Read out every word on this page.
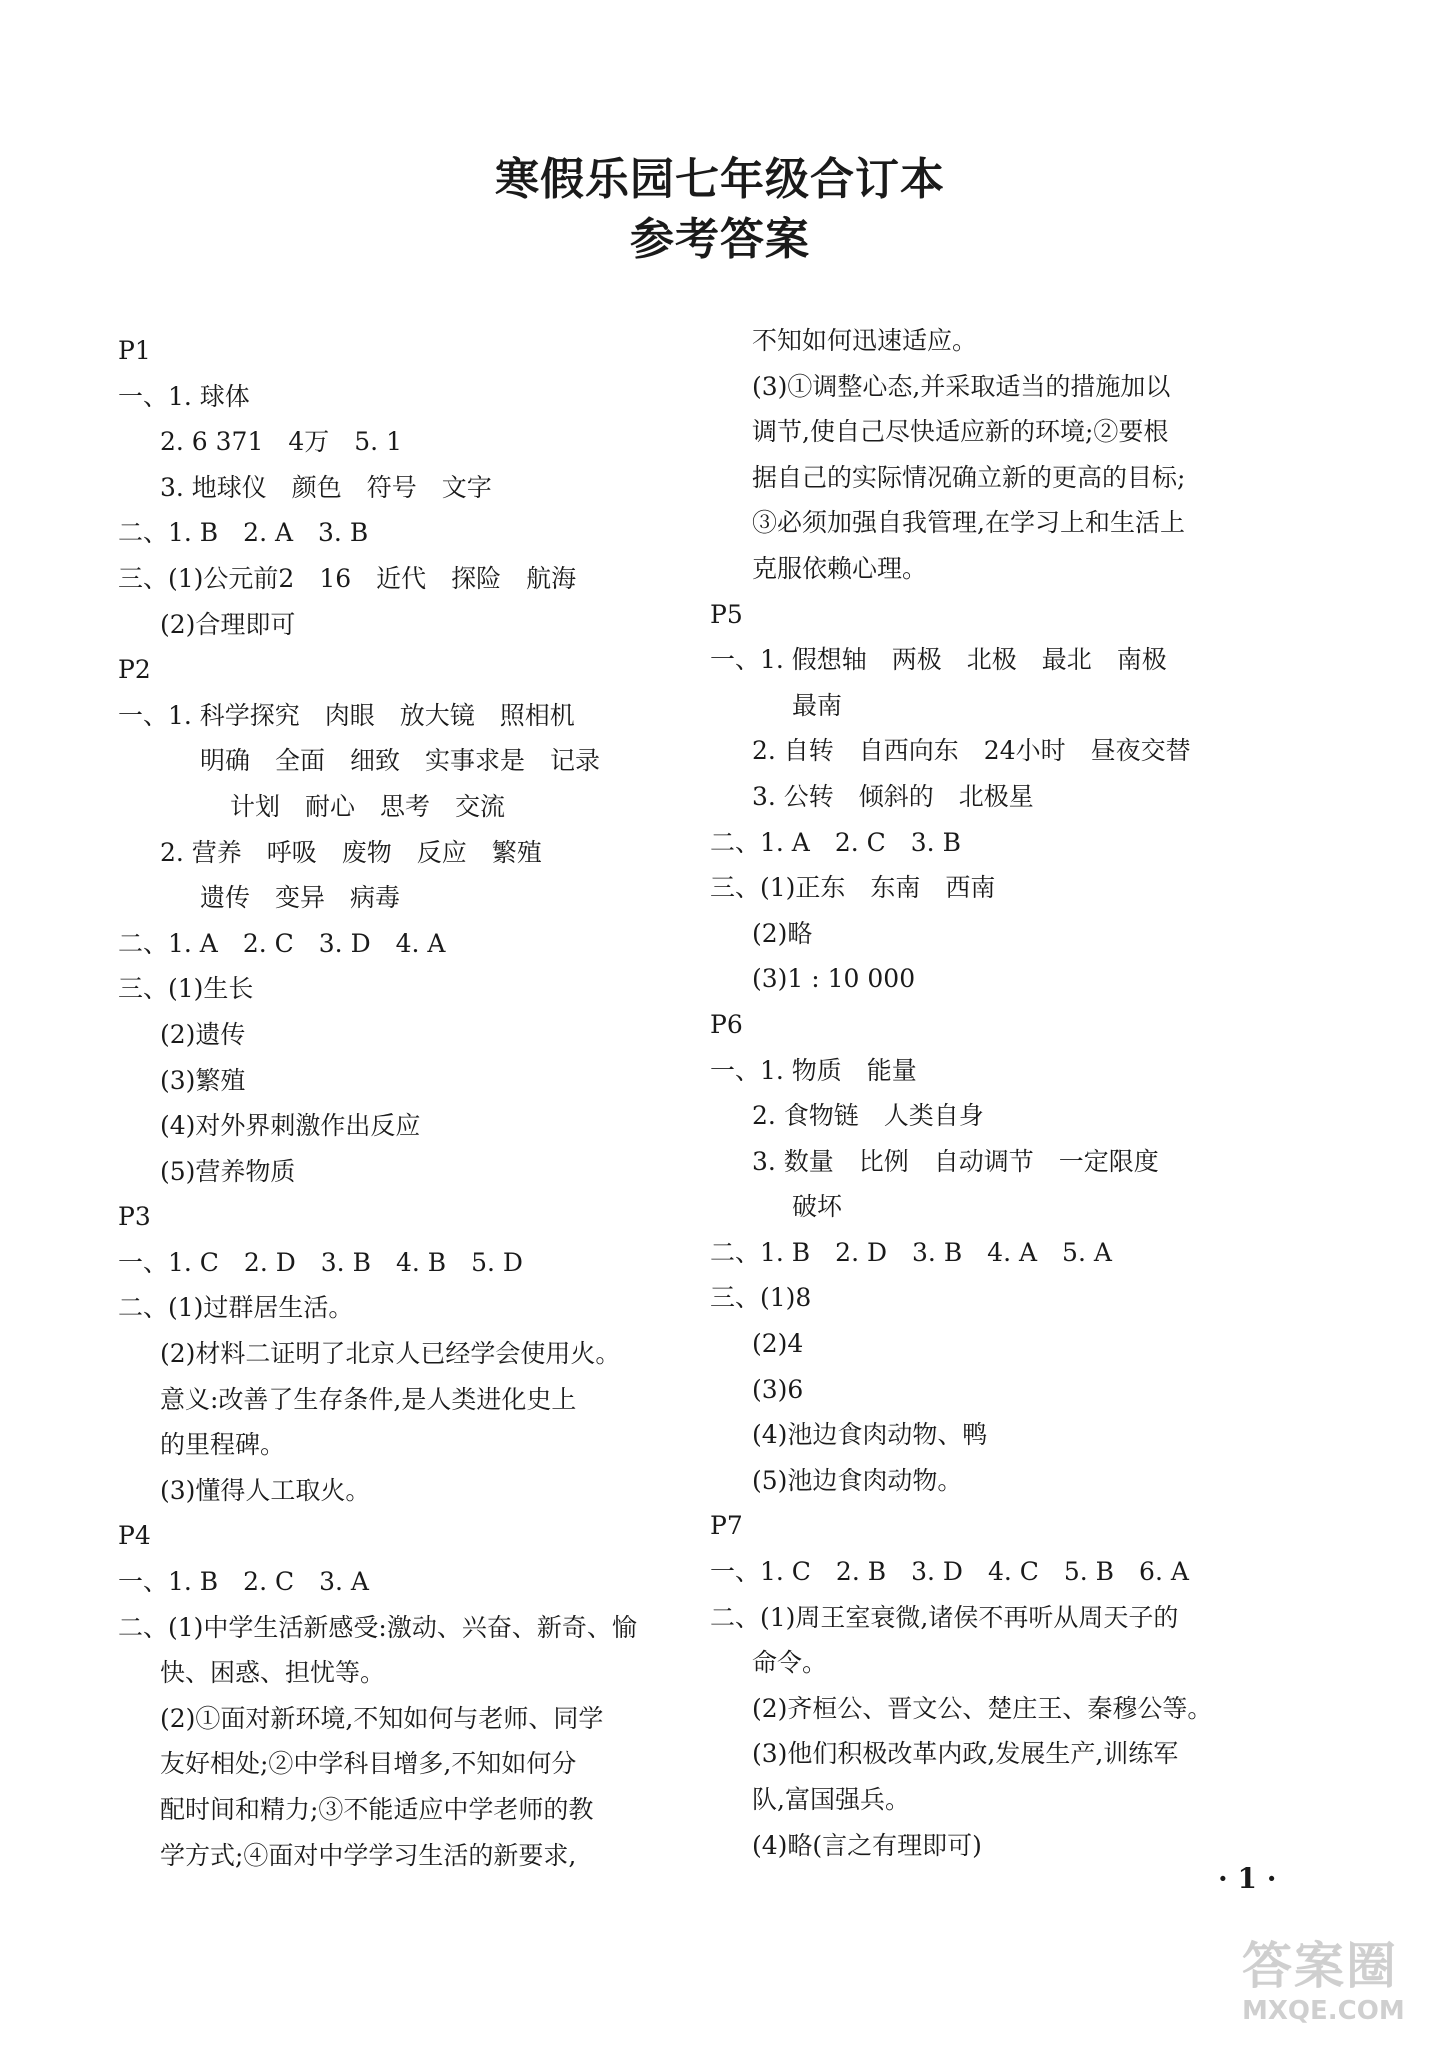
寒假乐园七年级合订本
参考答案
P1
一、1. 球体
2. 6 371　4万　5. 1
3. 地球仪　颜色　符号　文字
二、1. B　2. A　3. B
三、(1)公元前2　16　近代　探险　航海
(2)合理即可
P2
一、1. 科学探究　肉眼　放大镜　照相机
明确　全面　细致　实事求是　记录
计划　耐心　思考　交流
2. 营养　呼吸　废物　反应　繁殖
遗传　变异　病毒
二、1. A　2. C　3. D　4. A
三、(1)生长
(2)遗传
(3)繁殖
(4)对外界刺激作出反应
(5)营养物质
P3
一、1. C　2. D　3. B　4. B　5. D
二、(1)过群居生活。
(2)材料二证明了北京人已经学会使用火。
意义:改善了生存条件,是人类进化史上
的里程碑。
(3)懂得人工取火。
P4
一、1. B　2. C　3. A
二、(1)中学生活新感受:激动、兴奋、新奇、愉
快、困惑、担忧等。
(2)①面对新环境,不知如何与老师、同学
友好相处;②中学科目增多,不知如何分
配时间和精力;③不能适应中学老师的教
学方式;④面对中学学习生活的新要求,
不知如何迅速适应。
(3)①调整心态,并采取适当的措施加以
调节,使自己尽快适应新的环境;②要根
据自己的实际情况确立新的更高的目标;
③必须加强自我管理,在学习上和生活上
克服依赖心理。
P5
一、1. 假想轴　两极　北极　最北　南极
最南
2. 自转　自西向东　24小时　昼夜交替
3. 公转　倾斜的　北极星
二、1. A　2. C　3. B
三、(1)正东　东南　西南
(2)略
(3)1 : 10 000
P6
一、1. 物质　能量
2. 食物链　人类自身
3. 数量　比例　自动调节　一定限度
破坏
二、1. B　2. D　3. B　4. A　5. A
三、(1)8
(2)4
(3)6
(4)池边食肉动物、鸭
(5)池边食肉动物。
P7
一、1. C　2. B　3. D　4. C　5. B　6. A
二、(1)周王室衰微,诸侯不再听从周天子的
命令。
(2)齐桓公、晋文公、楚庄王、秦穆公等。
(3)他们积极改革内政,发展生产,训练军
队,富国强兵。
(4)略(言之有理即可)
· 1 ·
答案圈
MXQE.COM
